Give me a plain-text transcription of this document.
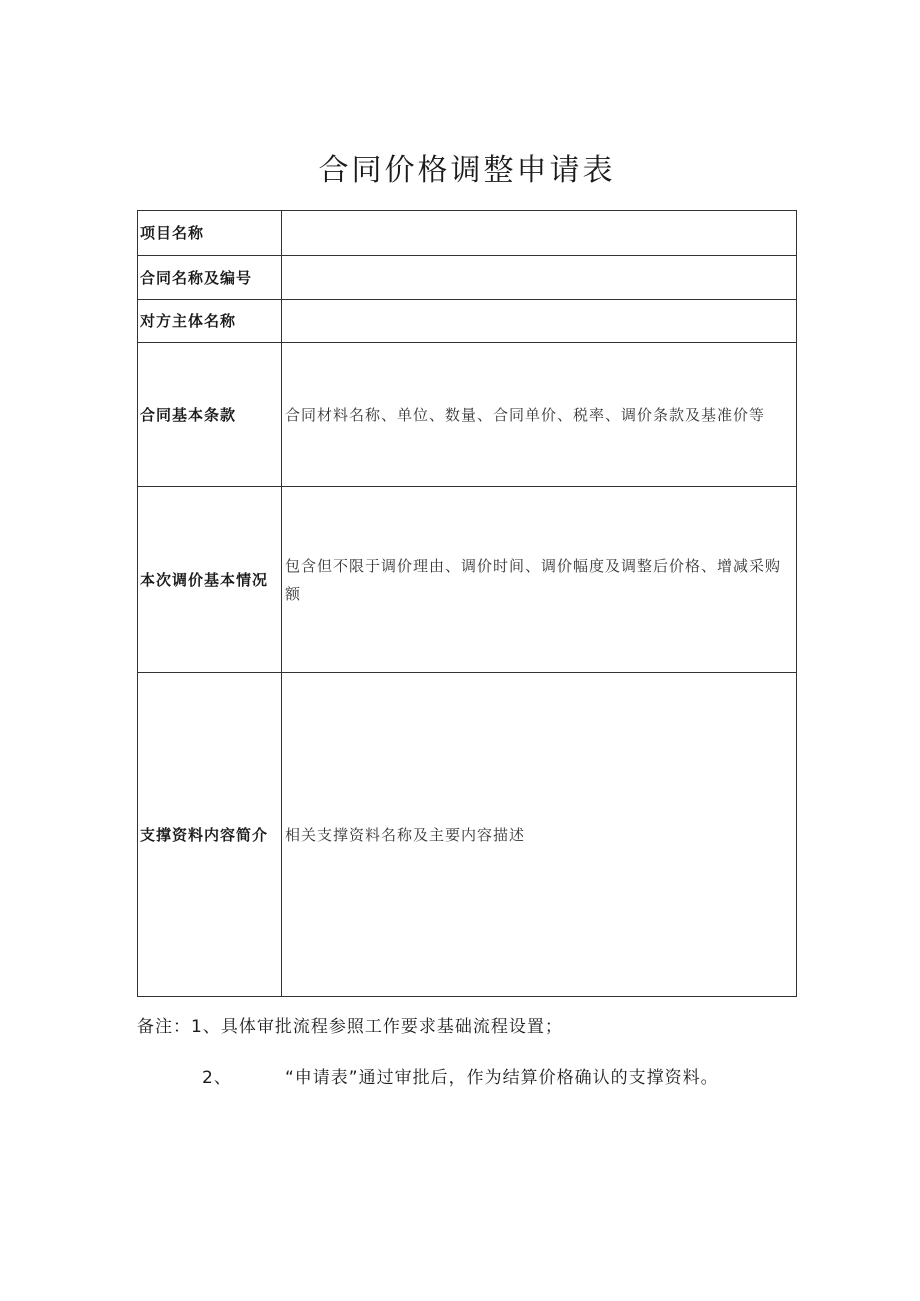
合同价格调整申请表
项目名称	
合同名称及编号	
对方主体名称	
合同基本条款	合同材料名称、单位、数量、合同单价、税率、调价条款及基准价等
本次调价基本情况	包含但不限于调价理由、调价时间、调价幅度及调整后价格、增减采购额
支撑资料内容简介	相关支撑资料名称及主要内容描述
备注：1、具体审批流程参照工作要求基础流程设置；
2、	“申请表”通过审批后，作为结算价格确认的支撑资料。
